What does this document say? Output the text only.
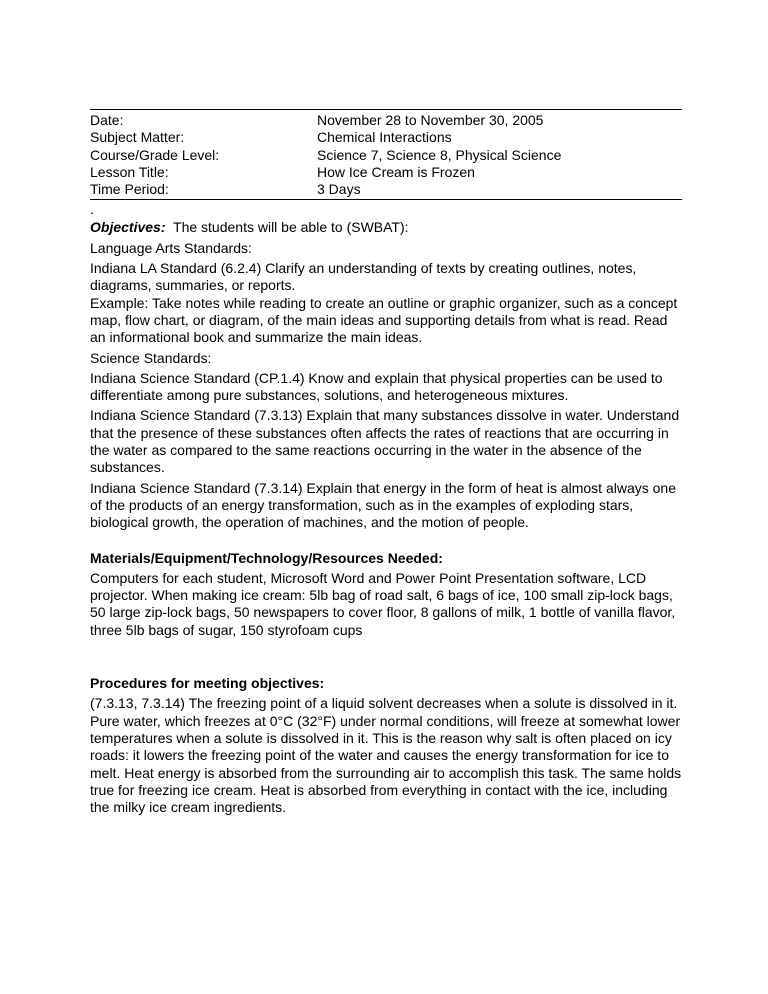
Date:	November 28 to November 30, 2005
Subject Matter:	Chemical Interactions
Course/Grade Level:	Science 7, Science 8, Physical Science
Lesson Title:	How Ice Cream is Frozen
Time Period:	3 Days
.
Objectives:  The students will be able to (SWBAT):
Language Arts Standards:
Indiana LA Standard (6.2.4) Clarify an understanding of texts by creating outlines, notes, diagrams, summaries, or reports.
Example: Take notes while reading to create an outline or graphic organizer, such as a concept map, flow chart, or diagram, of the main ideas and supporting details from what is read. Read an informational book and summarize the main ideas.
Science Standards:
Indiana Science Standard (CP.1.4) Know and explain that physical properties can be used to differentiate among pure substances, solutions, and heterogeneous mixtures.
Indiana Science Standard (7.3.13) Explain that many substances dissolve in water. Understand that the presence of these substances often affects the rates of reactions that are occurring in the water as compared to the same reactions occurring in the water in the absence of the substances.
Indiana Science Standard (7.3.14) Explain that energy in the form of heat is almost always one of the products of an energy transformation, such as in the examples of exploding stars, biological growth, the operation of machines, and the motion of people.
Materials/Equipment/Technology/Resources Needed:
Computers for each student, Microsoft Word and Power Point Presentation software, LCD projector. When making ice cream: 5lb bag of road salt, 6 bags of ice, 100 small zip-lock bags, 50 large zip-lock bags, 50 newspapers to cover floor, 8 gallons of milk, 1 bottle of vanilla flavor, three 5lb bags of sugar, 150 styrofoam cups
Procedures for meeting objectives:
(7.3.13, 7.3.14) The freezing point of a liquid solvent decreases when a solute is dissolved in it. Pure water, which freezes at 0°C (32°F) under normal conditions, will freeze at somewhat lower temperatures when a solute is dissolved in it. This is the reason why salt is often placed on icy roads: it lowers the freezing point of the water and causes the energy transformation for ice to melt. Heat energy is absorbed from the surrounding air to accomplish this task. The same holds true for freezing ice cream. Heat is absorbed from everything in contact with the ice, including the milky ice cream ingredients.
